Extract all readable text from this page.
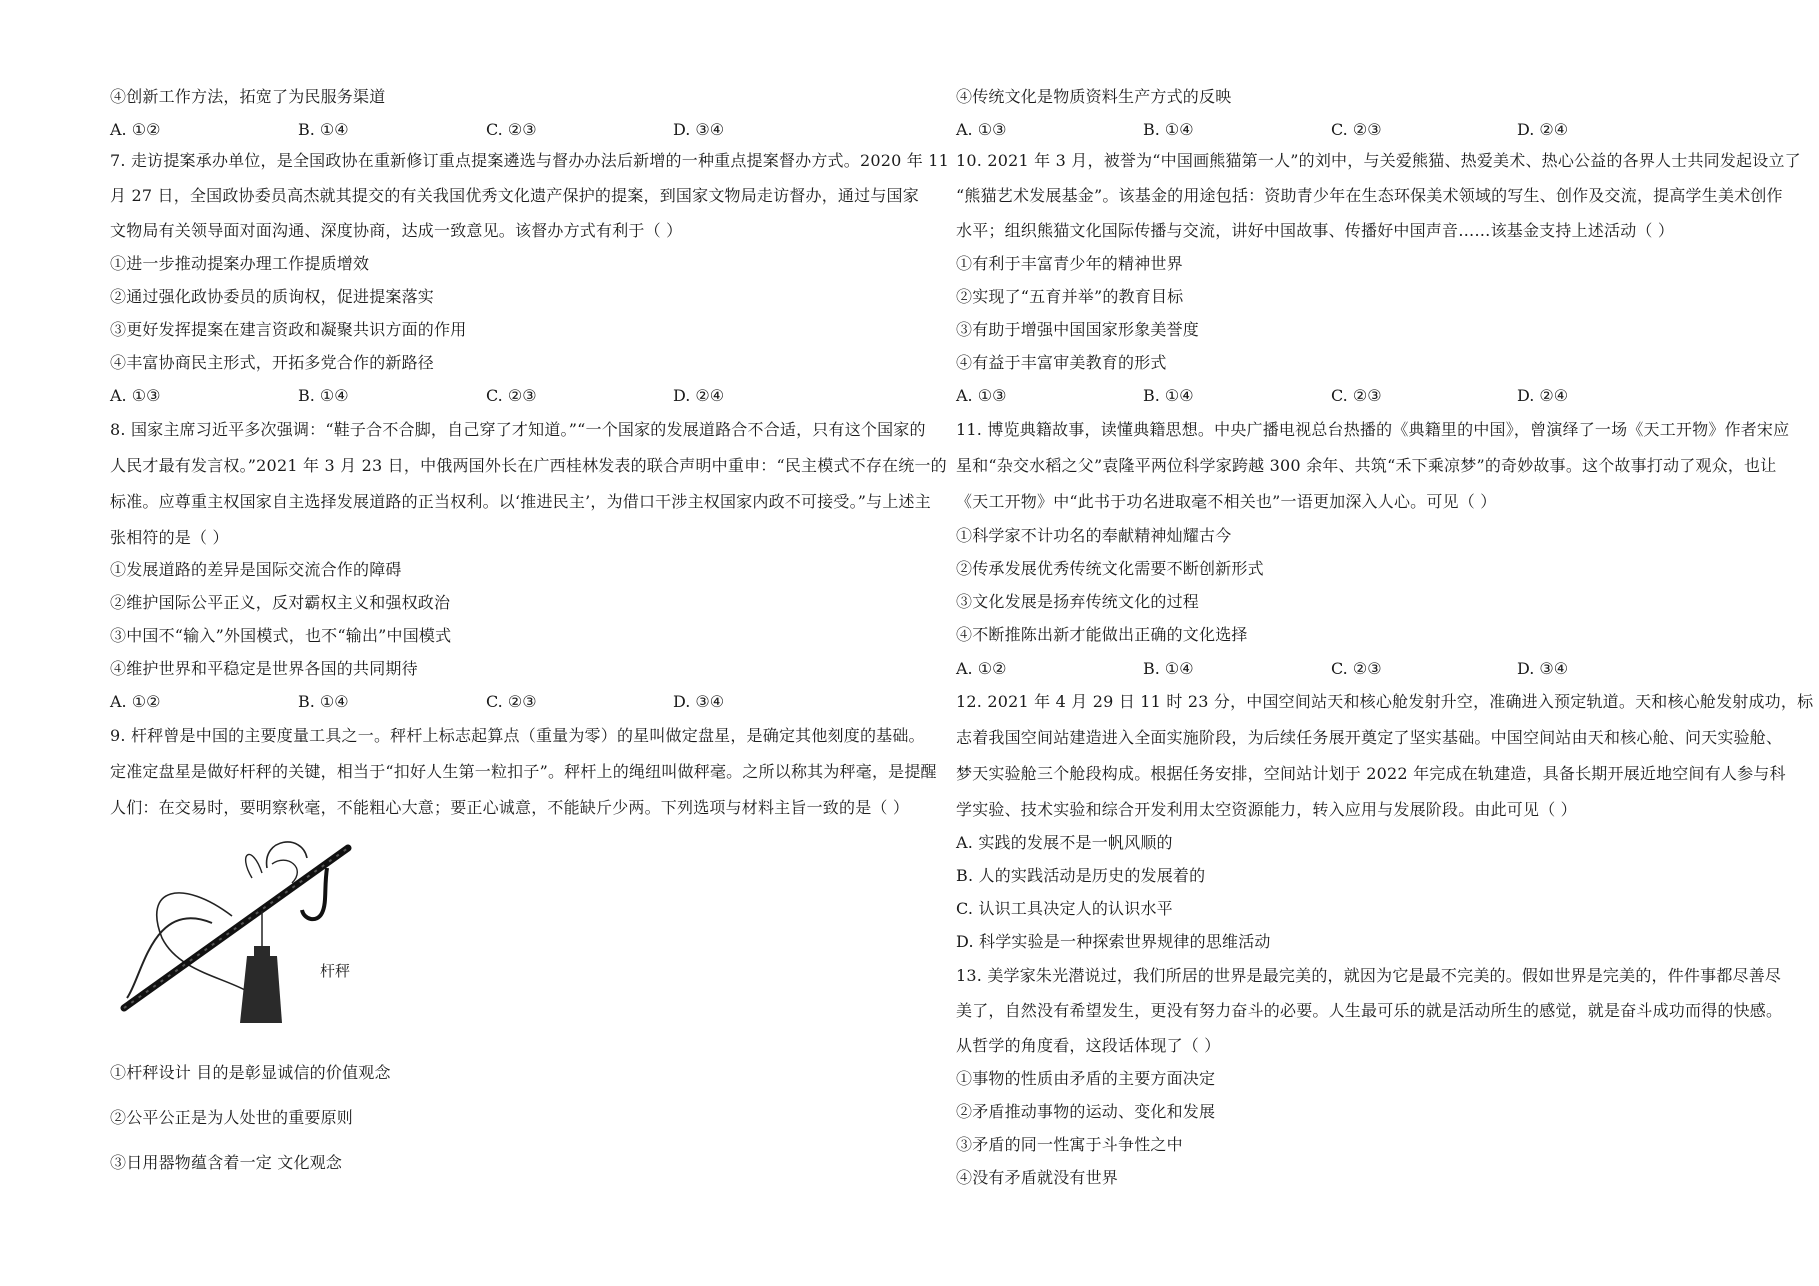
④创新工作方法，拓宽了为民服务渠道
A. ①②	B. ①④	C. ②③	D. ③④
7. 走访提案承办单位，是全国政协在重新修订重点提案遴选与督办办法后新增的一种重点提案督办方式。2020 年 11
月 27 日，全国政协委员高杰就其提交的有关我国优秀文化遗产保护的提案，到国家文物局走访督办，通过与国家
文物局有关领导面对面沟通、深度协商，达成一致意见。该督办方式有利于（ ）
①进一步推动提案办理工作提质增效
②通过强化政协委员的质询权，促进提案落实
③更好发挥提案在建言资政和凝聚共识方面的作用
④丰富协商民主形式，开拓多党合作的新路径
A. ①③	B. ①④	C. ②③	D. ②④
8. 国家主席习近平多次强调：“鞋子合不合脚，自己穿了才知道。”“一个国家的发展道路合不合适，只有这个国家的
人民才最有发言权。”2021 年 3 月 23 日，中俄两国外长在广西桂林发表的联合声明中重申：“民主模式不存在统一的
标准。应尊重主权国家自主选择发展道路的正当权利。以‘推进民主’，为借口干涉主权国家内政不可接受。”与上述主
张相符的是（ ）
①发展道路的差异是国际交流合作的障碍
②维护国际公平正义，反对霸权主义和强权政治
③中国不“输入”外国模式，也不“输出”中国模式
④维护世界和平稳定是世界各国的共同期待
A. ①②	B. ①④	C. ②③	D. ③④
9. 杆秤曾是中国的主要度量工具之一。秤杆上标志起算点（重量为零）的星叫做定盘星，是确定其他刻度的基础。
定准定盘星是做好杆秤的关键，相当于“扣好人生第一粒扣子”。秤杆上的绳纽叫做秤毫。之所以称其为秤毫，是提醒
人们：在交易时，要明察秋毫，不能粗心大意；要正心诚意，不能缺斤少两。下列选项与材料主旨一致的是（ ）
①杆秤设计 目的是彰显诚信的价值观念
②公平公正是为人处世的重要原则
③日用器物蕴含着一定 文化观念
杆秤
④传统文化是物质资料生产方式的反映
A. ①③	B. ①④	C. ②③	D. ②④
10. 2021 年 3 月，被誉为“中国画熊猫第一人”的刘中，与关爱熊猫、热爱美术、热心公益的各界人士共同发起设立了
“熊猫艺术发展基金”。该基金的用途包括：资助青少年在生态环保美术领域的写生、创作及交流，提高学生美术创作
水平；组织熊猫文化国际传播与交流，讲好中国故事、传播好中国声音……该基金支持上述活动（ ）
①有利于丰富青少年的精神世界
②实现了“五育并举”的教育目标
③有助于增强中国国家形象美誉度
④有益于丰富审美教育的形式
A. ①③	B. ①④	C. ②③	D. ②④
11. 博览典籍故事，读懂典籍思想。中央广播电视总台热播的《典籍里的中国》，曾演绎了一场《天工开物》作者宋应
星和“杂交水稻之父”袁隆平两位科学家跨越 300 余年、共筑“禾下乘凉梦”的奇妙故事。这个故事打动了观众，也让
《天工开物》中“此书于功名进取毫不相关也”一语更加深入人心。可见（ ）
①科学家不计功名的奉献精神灿耀古今
②传承发展优秀传统文化需要不断创新形式
③文化发展是扬弃传统文化的过程
④不断推陈出新才能做出正确的文化选择
A. ①②	B. ①④	C. ②③	D. ③④
12. 2021 年 4 月 29 日 11 时 23 分，中国空间站天和核心舱发射升空，准确进入预定轨道。天和核心舱发射成功，标
志着我国空间站建造进入全面实施阶段，为后续任务展开奠定了坚实基础。中国空间站由天和核心舱、问天实验舱、
梦天实验舱三个舱段构成。根据任务安排，空间站计划于 2022 年完成在轨建造，具备长期开展近地空间有人参与科
学实验、技术实验和综合开发利用太空资源能力，转入应用与发展阶段。由此可见（ ）
A. 实践的发展不是一帆风顺的
B. 人的实践活动是历史的发展着的
C. 认识工具决定人的认识水平
D. 科学实验是一种探索世界规律的思维活动
13. 美学家朱光潜说过，我们所居的世界是最完美的，就因为它是最不完美的。假如世界是完美的，件件事都尽善尽
美了，自然没有希望发生，更没有努力奋斗的必要。人生最可乐的就是活动所生的感觉，就是奋斗成功而得的快感。
从哲学的角度看，这段话体现了（ ）
①事物的性质由矛盾的主要方面决定
②矛盾推动事物的运动、变化和发展
③矛盾的同一性寓于斗争性之中
④没有矛盾就没有世界
